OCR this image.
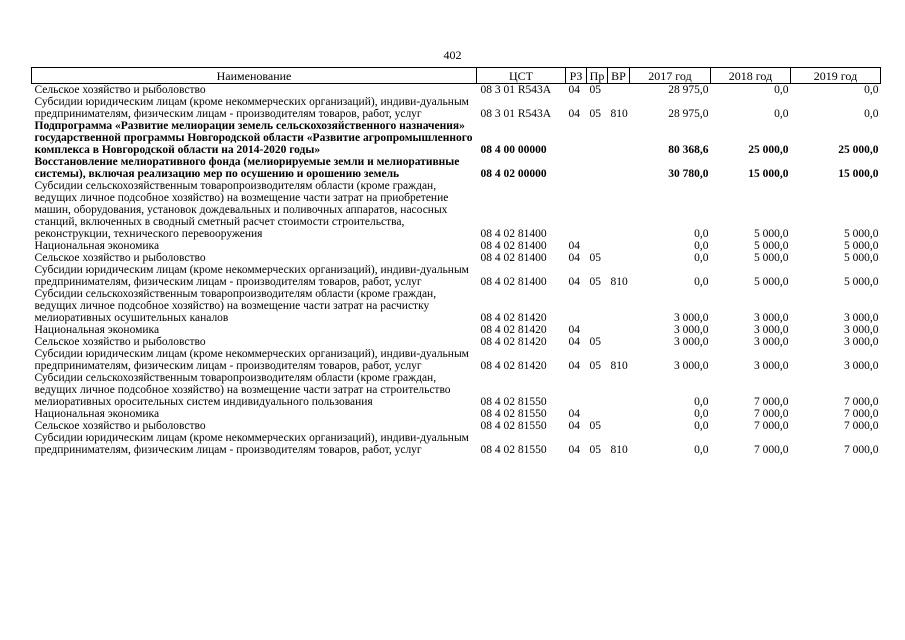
402
Наименование	ЦСТ	РЗ	Пр	ВР	2017 год	2018 год	2019 год
Сельское хозяйство и рыболовство	08 3 01 R543A	04	05		28 975,0	0,0	0,0
Субсидии юридическим лицам (кроме некоммерческих организаций), индиви-дуальным предпринимателям, физическим лицам - производителям товаров, работ, услуг	08 3 01 R543A	04	05	810	28 975,0	0,0	0,0
Подпрограмма «Развитие мелиорации земель сельскохозяйственного назначения» государственной программы Новгородской области «Развитие агропромышленного комплекса в Новгородской области на 2014-2020 годы»	08 4 00 00000				80 368,6	25 000,0	25 000,0
Восстановление мелиоративного фонда (мелиорируемые земли и мелиоративные системы), включая реализацию мер по осушению и орошению земель	08 4 02 00000				30 780,0	15 000,0	15 000,0
Субсидии сельскохозяйственным товаропроизводителям области (кроме граждан, ведущих личное подсобное хозяйство) на возмещение части затрат на приобретение машин, оборудования, установок дождевальных и поливочных аппаратов, насосных станций, включенных в сводный сметный расчет стоимости строительства, реконструкции, технического перевооружения	08 4 02 81400				0,0	5 000,0	5 000,0
Национальная экономика	08 4 02 81400	04			0,0	5 000,0	5 000,0
Сельское хозяйство и рыболовство	08 4 02 81400	04	05		0,0	5 000,0	5 000,0
Субсидии юридическим лицам (кроме некоммерческих организаций), индиви-дуальным предпринимателям, физическим лицам - производителям товаров, работ, услуг	08 4 02 81400	04	05	810	0,0	5 000,0	5 000,0
Субсидии сельскохозяйственным товаропроизводителям области (кроме граждан, ведущих личное подсобное хозяйство) на возмещение части затрат на расчистку мелиоративных осушительных каналов	08 4 02 81420				3 000,0	3 000,0	3 000,0
Национальная экономика	08 4 02 81420	04			3 000,0	3 000,0	3 000,0
Сельское хозяйство и рыболовство	08 4 02 81420	04	05		3 000,0	3 000,0	3 000,0
Субсидии юридическим лицам (кроме некоммерческих организаций), индиви-дуальным предпринимателям, физическим лицам - производителям товаров, работ, услуг	08 4 02 81420	04	05	810	3 000,0	3 000,0	3 000,0
Субсидии сельскохозяйственным товаропроизводителям области (кроме граждан, ведущих личное подсобное хозяйство) на возмещение части затрат на строительство мелиоративных оросительных систем индивидуального пользования	08 4 02 81550				0,0	7 000,0	7 000,0
Национальная экономика	08 4 02 81550	04			0,0	7 000,0	7 000,0
Сельское хозяйство и рыболовство	08 4 02 81550	04	05		0,0	7 000,0	7 000,0
Субсидии юридическим лицам (кроме некоммерческих организаций), индиви-дуальным предпринимателям, физическим лицам - производителям товаров, работ, услуг	08 4 02 81550	04	05	810	0,0	7 000,0	7 000,0
